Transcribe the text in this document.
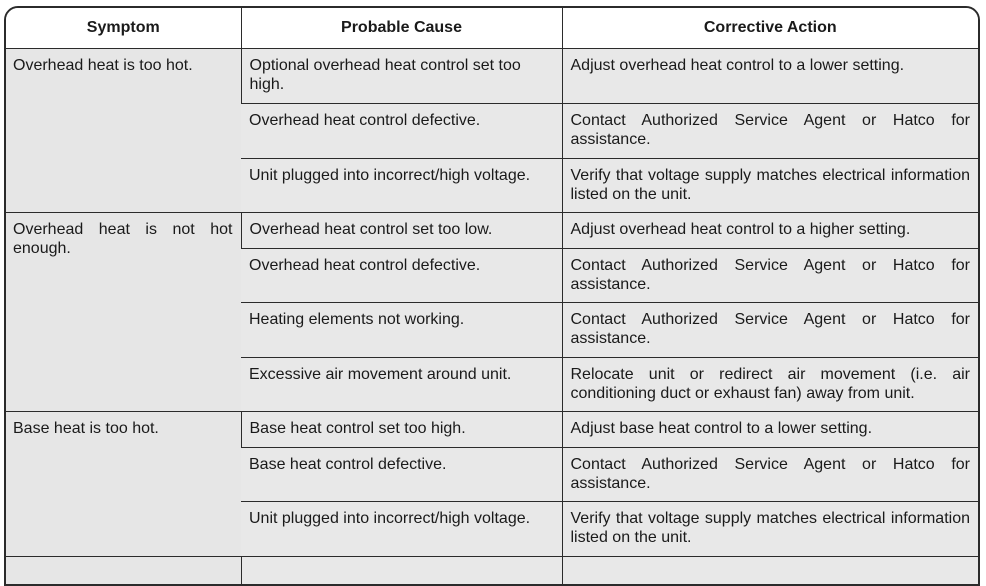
Symptom	Probable Cause	Corrective Action
Overhead heat is too hot.	Optional overhead heat control set too high.	Adjust overhead heat control to a lower setting.
	Overhead heat control defective.	Contact Authorized Service Agent or Hatco for assistance.
	Unit plugged into incorrect/high voltage.	Verify that voltage supply matches electrical information listed on the unit.
Overhead heat is not hot enough.	Overhead heat control set too low.	Adjust overhead heat control to a higher setting.
	Overhead heat control defective.	Contact Authorized Service Agent or Hatco for assistance.
	Heating elements not working.	Contact Authorized Service Agent or Hatco for assistance.
	Excessive air movement around unit.	Relocate unit or redirect air movement (i.e. air conditioning duct or exhaust fan) away from unit.
Base heat is too hot.	Base heat control set too high.	Adjust base heat control to a lower setting.
	Base heat control defective.	Contact Authorized Service Agent or Hatco for assistance.
	Unit plugged into incorrect/high voltage.	Verify that voltage supply matches electrical information listed on the unit.
